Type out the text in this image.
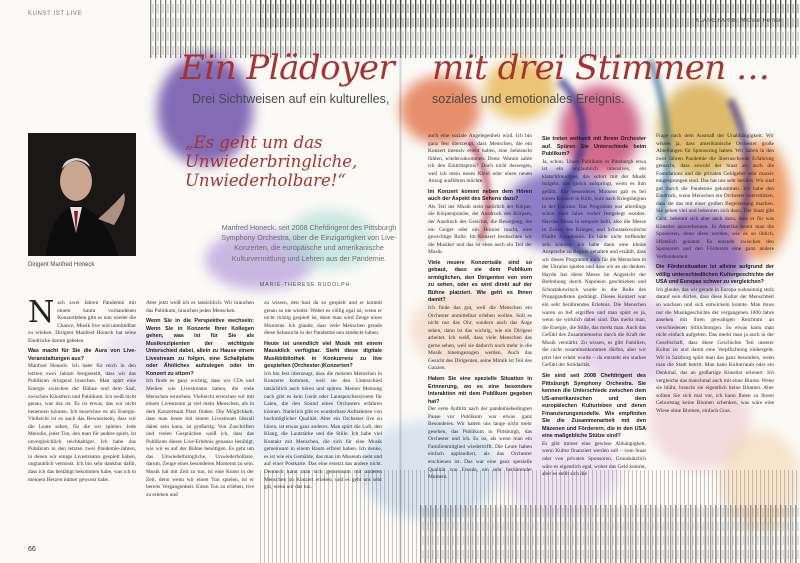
KUNST IST LIVE
KLANG.FARBE. Michael Fernée
Ein Plädoyer mit drei Stimmen …
Drei Sichtweisen auf ein kulturelles,	soziales und emotionales Ereignis.
Dirigent Manfred Honeck
„Es geht um das Unwiederbringliche, Unwiederholbare!“
Manfred Honeck, seit 2008 Chefdirigent des Pittsburgh Symphony Orchestra, über die Einzigartigkeit von Live-Konzerten, die europäische und amerikanische Kulturvermittlung und Lehren aus der Pandemie.
MARIE-THERESE RUDOLPH
N ach zwei Jahren Pandemie mit einem kaum vorhandenen Konzertleben gibt es nun wieder die Chance, Musik live und unmittelbar zu erleben. Dirigent Manfred Honeck hat seine Eindrücke darum gebeten.

Was macht für Sie die Aura von Live-Veranstaltungen aus?

Manfred Honeck: Ich habe für mich in den letzten zwei Jahren festgestellt, dass wir das Publikum dringend brauchen. Man spürt eine Energie zwischen der Bühne und dem Saal, zwischen Künstlern und Publikum. Ich weiß nicht genau, was das ist. Es ist etwas, das wir nicht benennen können. Ich bezeichne es als Energie. Vielleicht ist es auch das Bewusstsein, dass wir die Leute sehen, für die wir spielen. Jede Melodie, jeder Ton, den man für andere spielt, ist unvergleichlich reichhaltiger. Ich habe das Publikum in den letzten zwei Pandemie-Jahren, in denen wir einige Livestreams gespielt haben, unglaublich vermisst. Ich bin sehr dankbar dafür, dass ich das bestätigt bekommen habe, was ich in meinem Herzen immer gewusst habe.

Aber jetzt weiß ich es tatsächlich: Wir brauchen das Publikum, brauchen jeden Menschen.

Wenn Sie in die Perspektive wechseln: Wenn Sie in Konzerte Ihrer Kollegen gehen, was ist für Sie als Musikrezipienten der wichtigste Unterschied dabei, allein zu Hause einem Livestream zu folgen, eine Schallplatte oder Ähnliches aufzulegen oder im Konzert zu sitzen?

Ich finde es ganz wichtig, dass wir CDs und Medien wie Livestreams haben, die viele Menschen erreichen. Vielleicht erreichen wir mit einem Livestream ja viel mehr Menschen, als in dem Konzertsaal Platz finden. Die Möglichkeit, dass man heute mit einem Livestream überall dabei sein kann, ist großartig. Von Zuschriften und vielen Gesprächen weiß ich, dass das Publikum dieses Live-Erlebnis genauso benötigt, wie wir es auf der Bühne benötigen. Es geht um das Unwiederbringliche, Unwiederholbare, darum, Zeuge eines besonderen Moments zu sein. Musik hat mit Zeit zu tun, ist eine Kunst in der Zeit, denn wenn wir einen Ton spielen, ist er bereits Vergangenheit. Einen Ton zu erleben, live zu erleben und

zu wissen, den hast du so gespielt und er kommt genau so nie wieder. Wobei es völlig egal ist, wenn er nicht richtig gespielt ist, denn man wird Zeuge eines Moments. Ich glaube, dass viele Menschen gerade diese Sehnsucht in der Pandemie neu entdeckt haben.

Heute ist unendlich viel Musik mit einem Mausklick verfügbar. Steht diese digitale Musikbibliothek in Konkurrenz zu live gespielten (Orchester-)Konzerten?

Ich bin fest überzeugt, dass die meisten Menschen in Konzerte kommen, weil sie den Unterschied tatsächlich auch hören und spüren. Meiner Meinung nach gibt es kein Gerät oder Lautsprechersystem für Laien, die den Sound eines Orchesters erfahren können. Natürlich gibt es wunderbare Aufnahmen von hochmöglicher Qualität. Aber ein Orchester live zu hören, ist etwas ganz anderes. Man spürt die Luft, den Klang, die Lautstärke und die Stille. Ich habe viel Kontakt mit Menschen, die sich für eine Musik gemeinsam in einem Raum erfreut haben. Ich denke, es ist wie ein Gemälde, das man im Museum sieht und auf einer Postkarte. Das eine ersetzt das andere nicht. Dennoch kann man sich gemeinsam mit anderen Menschen im Konzert erleben, und es geht uns sehr gut, wenn wir das tun.

auch eine soziale Angelegenheit wird. Ich bin ganz fest überzeugt, dass Menschen, die ein Konzert intensiv erlebt haben, eine Sehnsucht fühlen, wiederzukommen. Denn: Warum zahle ich den Eintrittspreis? Doch nicht deswegen, weil ich mein neues Kleid oder einen neuen Anzug ausführen möchte.

Im Konzert kommt neben dem Hören auch der Aspekt des Sehens dazu?

Als Teil der Musik sieht natürlich der Körper, die Körpersprache, der Ausdruck des Körpers, der Ausdruck des Gesichts, die Bewegung, die ein Geiger oder ein Hornist macht, eine gewichtige Rolle. Im Konzert beobachten wir die Musiker und das ist eben auch ein Teil der Musik.

Viele neuere Konzertsäle sind so gebaut, dass sie dem Publikum ermöglichen, den Dirigenten von vorn zu sehen, oder es wird direkt auf der Bühne platziert. Wie geht es Ihnen damit?

Ich finde das gut, weil die Menschen ein Orchester unmittelbar erleben wollen. Soll es nicht nur das Ohr, sondern auch das Auge sehen, dann ist das wichtig, wie ein Dirigent arbeitet. Ich weiß, dass viele Menschen das gerne sehen, weil sie dadurch noch mehr in die Musik hineingezogen werden. Auch das Gesicht des Dirigenten, seine Mimik ist Teil des Ganzen.

Haben Sie eine spezielle Situation in Erinnerung, wo es eine besondere Interaktion mit dem Publikum gegeben hat?

Der erste Auftritt nach der pandemiebedingten Pause vor Publikum war etwas ganz Besonderes. Wir hatten uns lange nicht mehr gesehen, das Publikum in Pittsburgh, das Orchester und ich. Es ist, als wenn man ein Familienmitglied wiedertrifft. Die Leute haben einfach applaudiert, als das Orchester erschienen ist. Das war eine ganz spezielle Qualität von Freude, ein sehr berührender Moment.

Sie treten weltweit mit Ihrem Orchester auf. Spüren Sie Unterschiede beim Publikum?

Ja, schon. Unser Publikum in Pittsburgh etwa ist ein unglaublich intensives, ein klatschfreudiges, das sofort mit der Musik mitgeht, das gleich aufspringt, wenn es ihm gefällt. Ein besonderes Moment gab es bei einem Konzert in Köln, kurz nach Kriegsbeginn in der Ukraine. Das Programm war allerdings schon zwei Jahre vorher festgelegt worden: Haydns Missa in tempore belli, also die Messe in Zeiten des Krieges, und Schostakowitschs Fünfte Symphonie. Es hätte nicht treffender sein können. Ich habe dann eine kleine Ansprache zu Beginn gehalten und erzählt, dass wir dieses Programm auch für die Menschen in der Ukraine spielen und dass wir an sie denken. Haydn hat diese Messe im Angesicht der Bedrohung durch Napoleon geschrieben und Schostakowitsch wurde in die Rolle des Propagandisten gedrängt. Dieses Konzert war ein sehr berührendes Erlebnis. Die Menschen waren so tief ergriffen und man spürt es ja, wenn sie wirklich dabei sind. Das merkt man, die Energie, die Stille, das merkt man. Auch das Gefühl des Zusammenseins durch die Kraft der Musik verstärkt. Zu wissen, es gibt Familien, die nicht zusammenkommen dürfen, aber wir jetzt hier erlebt wurde – da entsteht ein starkes Gefühl der Solidarität.

Sie sind seit 2008 Chefdirigent des Pittsburgh Symphony Orchestra. Sie kennen die Unterschiede zwischen dem US-amerikanischen und dem europäischen Kulturleben und deren Finanzierungsmodelle. Wie empfinden Sie die Zusammenarbeit mit den Mäzenen und Förderern, die in den USA eine maßgebliche Stütze sind?

Es gibt immer eine gewisse Abhängigkeit, wenn Kultur finanziert werden soll – vom Staat oder von privaten Sponsoren. Grundsätzlich wäre es eigentlich egal, woher das Geld kommt, aber es stellt sich die

Frage nach dem Ausmaß der Unabhängigkeit. Wir wissen ja, dass amerikanische Orchester große Abteilungen für Sponsoring haben. Wir haben in den zwei Jahren Pandemie die überraschende Erfahrung gemacht, dass sowohl der Staat als auch die Foundations und die privaten Geldgeber sehr massiv eingesprungen sind. Das hat uns sehr berührt. Wir sind gut durch die Pandemie gekommen. Ich habe den Eindruck, wenn Menschen ein Orchester unterstützen, dass sie das mit einer großen Begeisterung machen. Sie gehen viel und bekennen sich dazu. Der Staat gibt Geld, bekennt sich aber auch dazu, dass er für was Künstler anzuerkennen. In Amerika kennt man die Sponsoren, denn diese werden, wie es so üblich, öffentlich genannt. Es entsteht zwischen den Sponsoren und den Förderern eine ganz andere Verbundenheit.

Die Fördersituation ist alleine aufgrund der völlig unterschiedlichen Kulturgeschichte der USA und Europas schwer zu vergleichen?

Ich glaube, das wir gerade in Europa wahnsinnig stolz darauf sein dürfen, dass diese Kultur der Menschheit so wachsen und sich entwickeln konnte. Man muss nur die Musikgeschichte der vergangenen 1000 Jahre ansehen mit ihren gewaltigen Reichtum an verschiedenen Stilrichtungen. So etwas kann man nicht einfach aufgeben. Das merkt man ja auch in der Gesellschaft, dass diese Geschichte Teil unserer Kultur ist und damit eine Verpflichtung einhergeht. Wir in Salzburg spürt man das ganz besonders, wenn man die Stadt betritt. Man kann Kulturraum oder ein Denkmal, das an großartige Künstler erinnert. Ich vergleiche das manchmal auch mit einer Blume. Wenn sie blüht, braucht sie eigentlich keine Blumen. Aber sollten Sie sich mal vor, ich kann Ihnen zu Ihrem Geburtstag keine Blumen schenken, was wäre eine Wiese ohne Blumen, einfach Gras.

66
